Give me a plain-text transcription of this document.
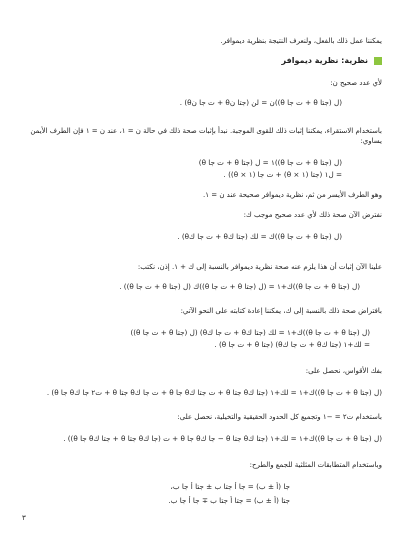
يمكننا عمل ذلك بالفعل، ولنعرف النتيجة بنظرية ديموافر.
نظرية: نظرية ديموافر
لأي عدد صحيح ن:
(ل (جتا θ + ت جا θ))ن = لن (جتا نθ + ت جا نθ) .
باستخدام الاستقراء، يمكننا إثبات ذلك للقوى الموجبة. نبدأ بإثبات صحة ذلك في حالة ن = ١، عند ن = ١ فإن الطرف الأيمن يساوي:
(ل (جتا θ + ت جا θ))١ = ل (جتا θ + ت جا θ)
= ل١ (جتا (١ × θ) + ت جا (١ × θ)) .
وهو الطرف الأيسر من ثم، نظرية ديموافر صحيحة عند ن = ١.
نفترض الآن صحة ذلك لأي عدد صحيح موجب ك:
(ل (جتا θ + ت جا θ))ك = لك (جتا كθ + ت جا كθ) .
علينا الآن إثبات أن هذا يلزم عنه صحة نظرية ديموافر بالنسبة إلى ك + ١. إذن، نكتب:
(ل (جتا θ + ت جا θ))ك+١ = (ل (جتا θ + ت جا θ))ك (ل (جتا θ + ت جا θ)) .
بافتراض صحة ذلك بالنسبة إلى ك، يمكننا إعادة كتابته على النحو الآتي:
(ل (جتا θ + ت جا θ))ك+١ = لك (جتا كθ + ت جا كθ) (ل (جتا θ + ت جا θ))
= لك+١ (جتا كθ + ت جا كθ) (جتا θ + ت جا θ) .
بفك الأقواس، نحصل على:
(ل (جتا θ + ت جا θ))ك+١ = لك+١ (جتا كθ جتا θ + ت جتا كθ جا θ + ت جا كθ جتا θ + ت٢ جا كθ جا θ) .
باستخدام ت٢ = −١ وتجميع كل الحدود الحقيقية والتخيلية، نحصل على:
(ل (جتا θ + ت جا θ))ك+١ = لك+١ (جتا كθ جتا θ − جا كθ جا θ + ت (جا كθ جتا θ + جتا كθ جا θ)) .
وباستخدام المتطابقات المثلثية للجمع والطرح:
جا (أ ± ب) = جا أ جتا ب ± جتا أ جا ب،
جتا (أ ± ب) = جتا أ جتا ب ∓ جا أ جا ب.
٣
